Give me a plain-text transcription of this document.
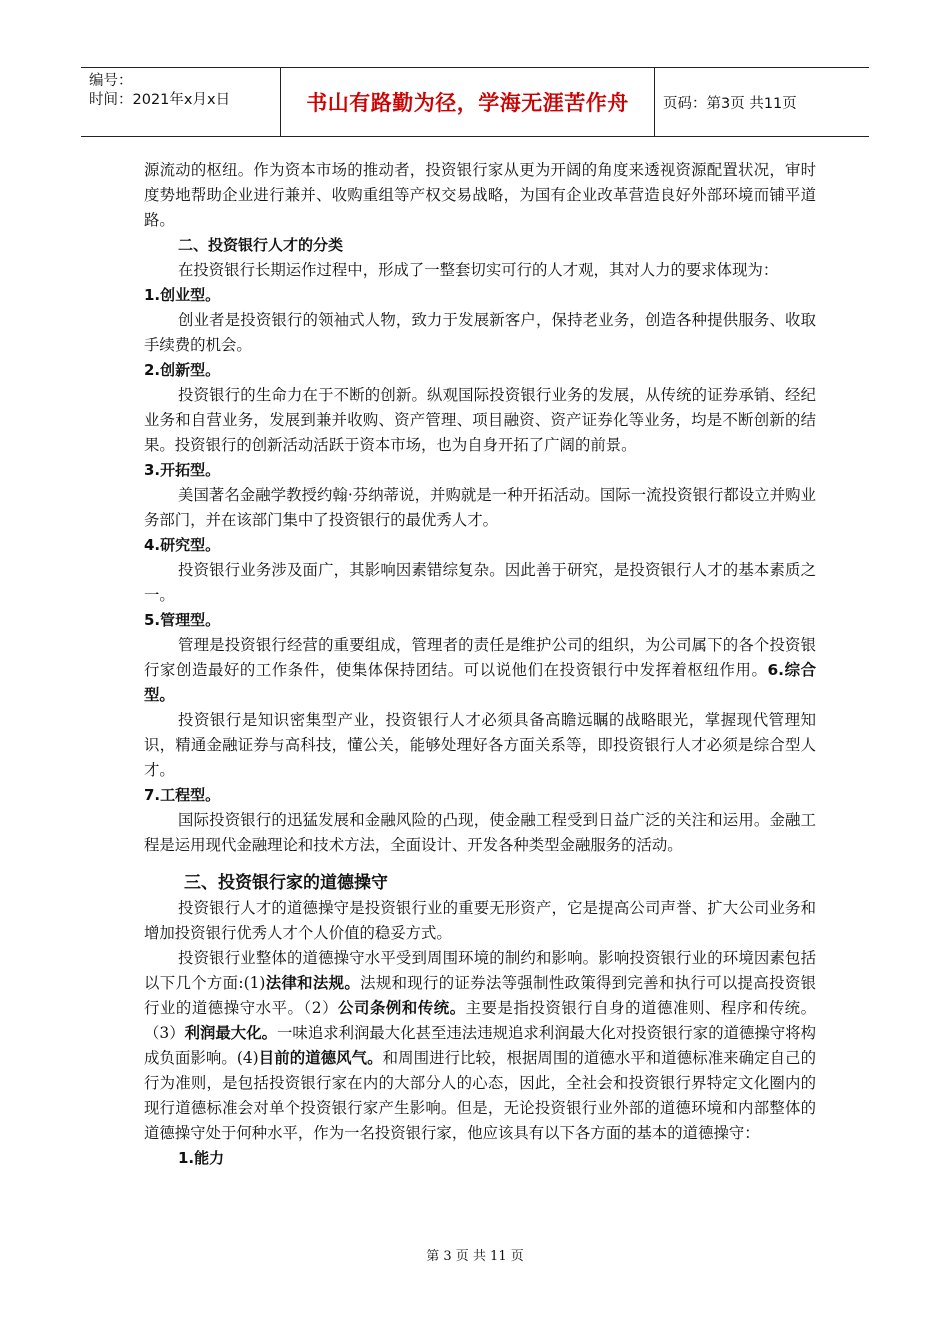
编号：
时间：2021年x月x日	书山有路勤为径，学海无涯苦作舟	页码：第3页 共11页

源流动的枢纽。作为资本市场的推动者，投资银行家从更为开阔的角度来透视资源配置状况，审时度势地帮助企业进行兼并、收购重组等产权交易战略，为国有企业改革营造良好外部环境而铺平道路。

二、投资银行人才的分类

在投资银行长期运作过程中，形成了一整套切实可行的人才观，其对人力的要求体现为：

1.创业型。

创业者是投资银行的领袖式人物，致力于发展新客户，保持老业务，创造各种提供服务、收取手续费的机会。

2.创新型。

投资银行的生命力在于不断的创新。纵观国际投资银行业务的发展，从传统的证券承销、经纪业务和自营业务，发展到兼并收购、资产管理、项目融资、资产证券化等业务，均是不断创新的结果。投资银行的创新活动活跃于资本市场，也为自身开拓了广阔的前景。

3.开拓型。

美国著名金融学教授约翰·芬纳蒂说，并购就是一种开拓活动。国际一流投资银行都设立并购业务部门，并在该部门集中了投资银行的最优秀人才。

4.研究型。

投资银行业务涉及面广，其影响因素错综复杂。因此善于研究，是投资银行人才的基本素质之一。

5.管理型。

管理是投资银行经营的重要组成，管理者的责任是维护公司的组织，为公司属下的各个投资银行家创造最好的工作条件，使集体保持团结。可以说他们在投资银行中发挥着枢纽作用。6.综合型。

投资银行是知识密集型产业，投资银行人才必须具备高瞻远瞩的战略眼光，掌握现代管理知识，精通金融证券与高科技，懂公关，能够处理好各方面关系等，即投资银行人才必须是综合型人才。

7.工程型。

国际投资银行的迅猛发展和金融风险的凸现，使金融工程受到日益广泛的关注和运用。金融工程是运用现代金融理论和技术方法，全面设计、开发各种类型金融服务的活动。

三、投资银行家的道德操守

投资银行人才的道德操守是投资银行业的重要无形资产，它是提高公司声誉、扩大公司业务和增加投资银行优秀人才个人价值的稳妥方式。

投资银行业整体的道德操守水平受到周围环境的制约和影响。影响投资银行业的环境因素包括以下几个方面:(1)法律和法规。法规和现行的证券法等强制性政策得到完善和执行可以提高投资银行业的道德操守水平。（2）公司条例和传统。主要是指投资银行自身的道德准则、程序和传统。（3）利润最大化。一味追求利润最大化甚至违法违规追求利润最大化对投资银行家的道德操守将构成负面影响。(4)目前的道德风气。和周围进行比较，根据周围的道德水平和道德标准来确定自己的行为准则，是包括投资银行家在内的大部分人的心态，因此，全社会和投资银行界特定文化圈内的现行道德标准会对单个投资银行家产生影响。但是，无论投资银行业外部的道德环境和内部整体的道德操守处于何种水平，作为一名投资银行家，他应该具有以下各方面的基本的道德操守：

1.能力

第 3 页 共 11 页
